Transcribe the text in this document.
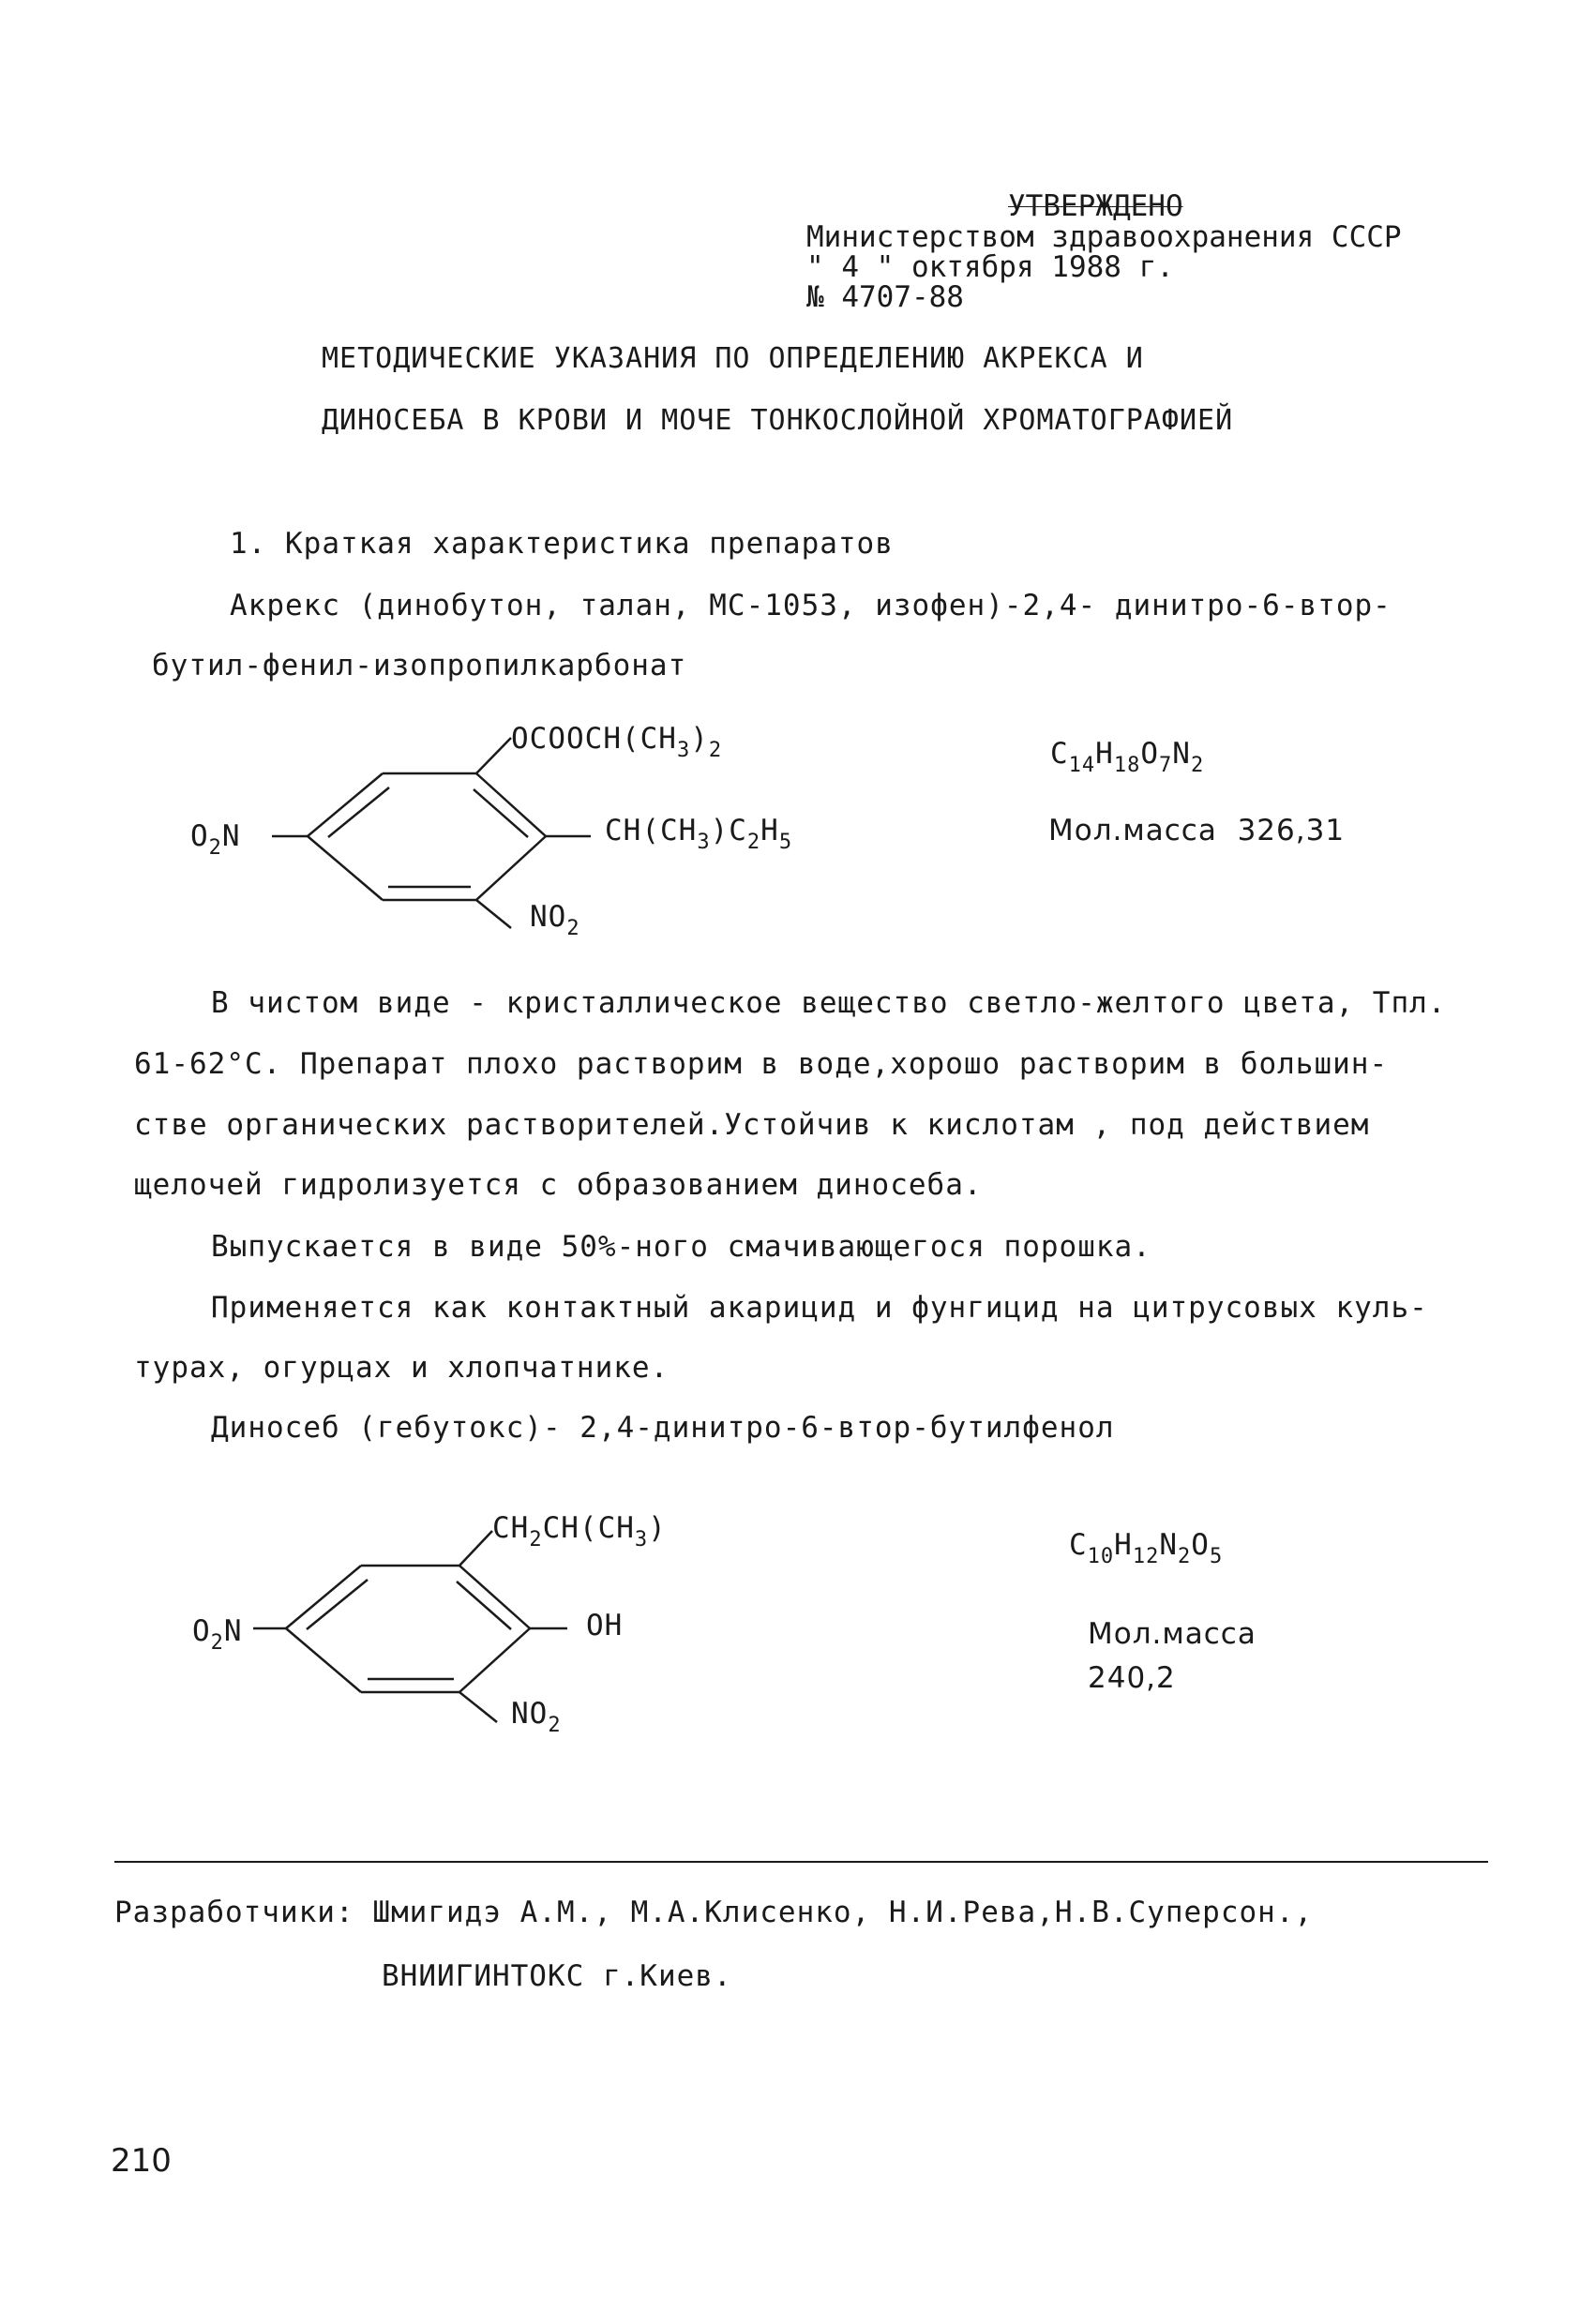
УТВЕРЖДЕНО
Министерством здравоохранения СССР
" 4 " октября 1988 г.
№ 4707-88
МЕТОДИЧЕСКИЕ УКАЗАНИЯ ПО ОПРЕДЕЛЕНИЮ АКРЕКСА И
ДИНОСЕБА В КРОВИ И МОЧЕ ТОНКОСЛОЙНОЙ ХРОМАТОГРАФИЕЙ
1. Краткая характеристика препаратов
Акрекс (динобутон, талан, МС-1053, изофен)-2,4- динитро-6-втор-
бутил-фенил-изопропилкарбонат
$OCOOCH(CH_3)_2$
$O_2N$	$CH(CH_3)C_2H_5$
$NO_2$
$C_{14}H_{18}O_7N_2$
Мол.масса 326,31
В чистом виде - кристаллическое вещество светло-желтого цвета, Тпл.
61-62°С. Препарат плохо растворим в воде,хорошо растворим в большин-
стве органических растворителей.Устойчив к кислотам , под действием
щелочей гидролизуется с образованием диносеба.
Выпускается в виде 50%-ного смачивающегося порошка.
Применяется как контактный акарицид и фунгицид на цитрусовых куль-
турах, огурцах и хлопчатнике.
Диносеб (гебутокс)- 2,4-динитро-6-втор-бутилфенол
$CH_2CH(CH_3)$
$O_2N$	OH
$NO_2$
$C_{10}H_{12}N_2O_5$
Мол.масса
240,2
Разработчики: Шмигидэ А.М., М.А.Клисенко, Н.И.Рева,Н.В.Суперсон.,
ВНИИГИНТОКС г.Киев.
210
